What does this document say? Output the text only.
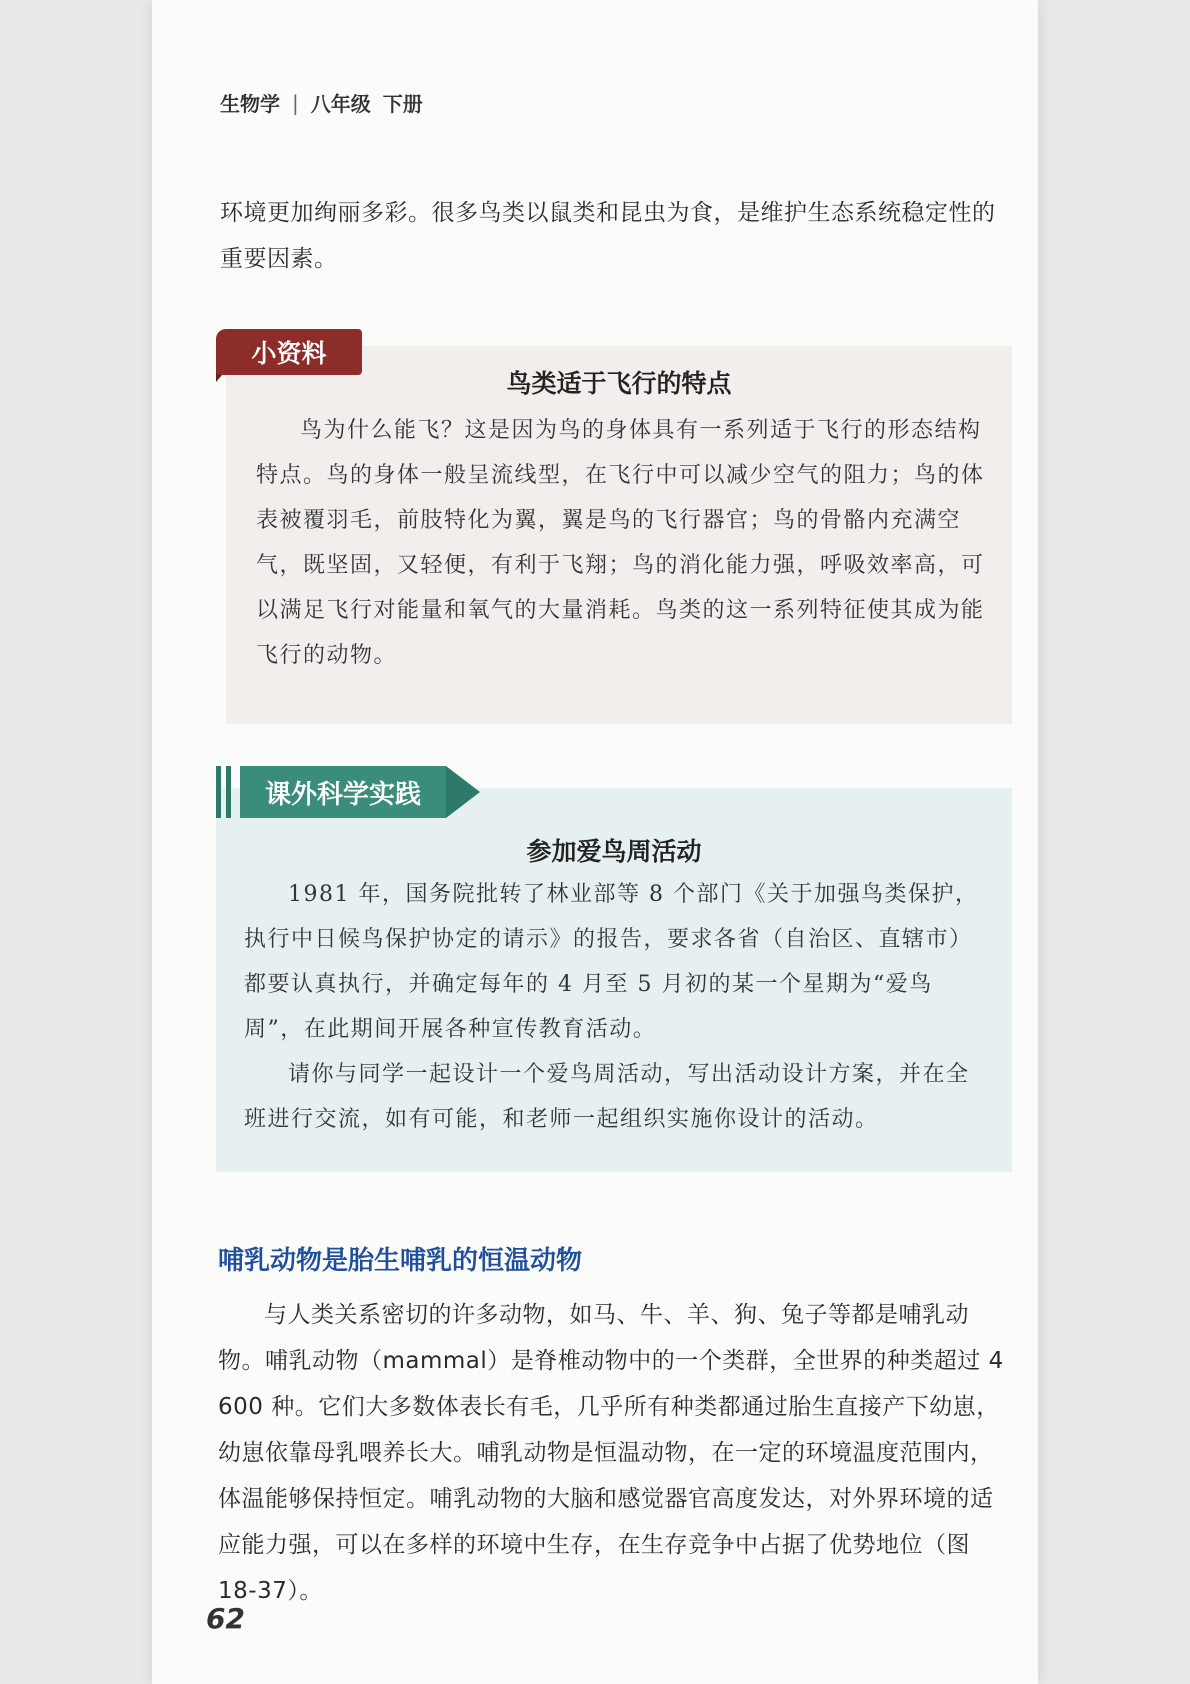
生物学 | 八年级 下册
环境更加绚丽多彩。很多鸟类以鼠类和昆虫为食，是维护生态系统稳定性的重要因素。
鸟类适于飞行的特点

鸟为什么能飞？这是因为鸟的身体具有一系列适于飞行的形态结构特点。鸟的身体一般呈流线型，在飞行中可以减少空气的阻力；鸟的体表被覆羽毛，前肢特化为翼，翼是鸟的飞行器官；鸟的骨骼内充满空气，既坚固，又轻便，有利于飞翔；鸟的消化能力强，呼吸效率高，可以满足飞行对能量和氧气的大量消耗。鸟类的这一系列特征使其成为能飞行的动物。

小资料
参加爱鸟周活动

1981 年，国务院批转了林业部等 8 个部门《关于加强鸟类保护，执行中日候鸟保护协定的请示》的报告，要求各省（自治区、直辖市）都要认真执行，并确定每年的 4 月至 5 月初的某一个星期为“爱鸟周”，在此期间开展各种宣传教育活动。

请你与同学一起设计一个爱鸟周活动，写出活动设计方案，并在全班进行交流，如有可能，和老师一起组织实施你设计的活动。

课外科学实践
哺乳动物是胎生哺乳的恒温动物

与人类关系密切的许多动物，如马、牛、羊、狗、兔子等都是哺乳动物。哺乳动物（mammal）是脊椎动物中的一个类群，全世界的种类超过 4 600 种。它们大多数体表长有毛，几乎所有种类都通过胎生直接产下幼崽，幼崽依靠母乳喂养长大。哺乳动物是恒温动物，在一定的环境温度范围内，体温能够保持恒定。哺乳动物的大脑和感觉器官高度发达，对外界环境的适应能力强，可以在多样的环境中生存，在生存竞争中占据了优势地位（图 18-37）。

62
